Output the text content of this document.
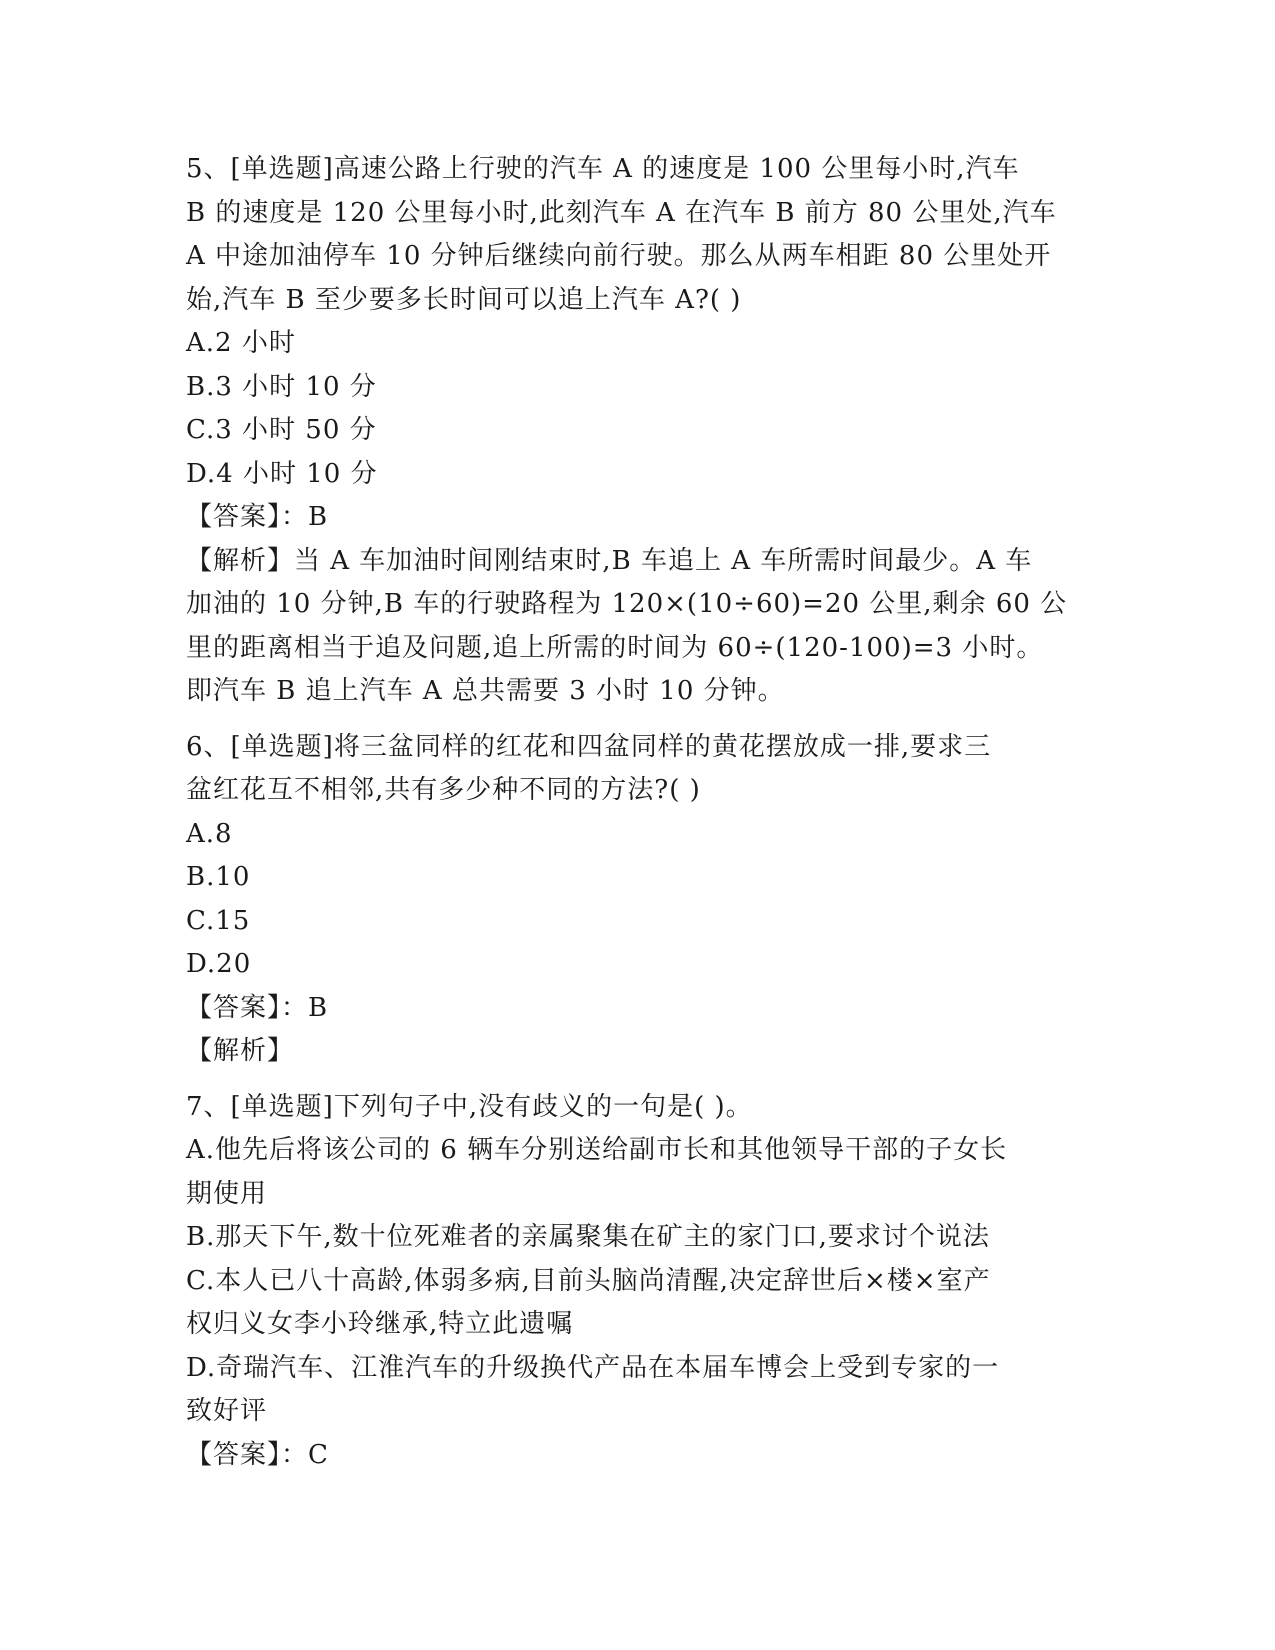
5、[单选题]高速公路上行驶的汽车 A 的速度是 100 公里每小时,汽车
B 的速度是 120 公里每小时,此刻汽车 A 在汽车 B 前方 80 公里处,汽车
A 中途加油停车 10 分钟后继续向前行驶。那么从两车相距 80 公里处开
始,汽车 B 至少要多长时间可以追上汽车 A?( )
A.2 小时
B.3 小时 10 分
C.3 小时 50 分
D.4 小时 10 分
【答案】：B
【解析】当 A 车加油时间刚结束时,B 车追上 A 车所需时间最少。A 车
加油的 10 分钟,B 车的行驶路程为 120×(10÷60)=20 公里,剩余 60 公
里的距离相当于追及问题,追上所需的时间为 60÷(120-100)=3 小时。
即汽车 B 追上汽车 A 总共需要 3 小时 10 分钟。
6、[单选题]将三盆同样的红花和四盆同样的黄花摆放成一排,要求三
盆红花互不相邻,共有多少种不同的方法?( )
A.8
B.10
C.15
D.20
【答案】：B
【解析】
7、[单选题]下列句子中,没有歧义的一句是( )。
A.他先后将该公司的 6 辆车分别送给副市长和其他领导干部的子女长
期使用
B.那天下午,数十位死难者的亲属聚集在矿主的家门口,要求讨个说法
C.本人已八十高龄,体弱多病,目前头脑尚清醒,决定辞世后×楼×室产
权归义女李小玲继承,特立此遗嘱
D.奇瑞汽车、江淮汽车的升级换代产品在本届车博会上受到专家的一
致好评
【答案】：C
